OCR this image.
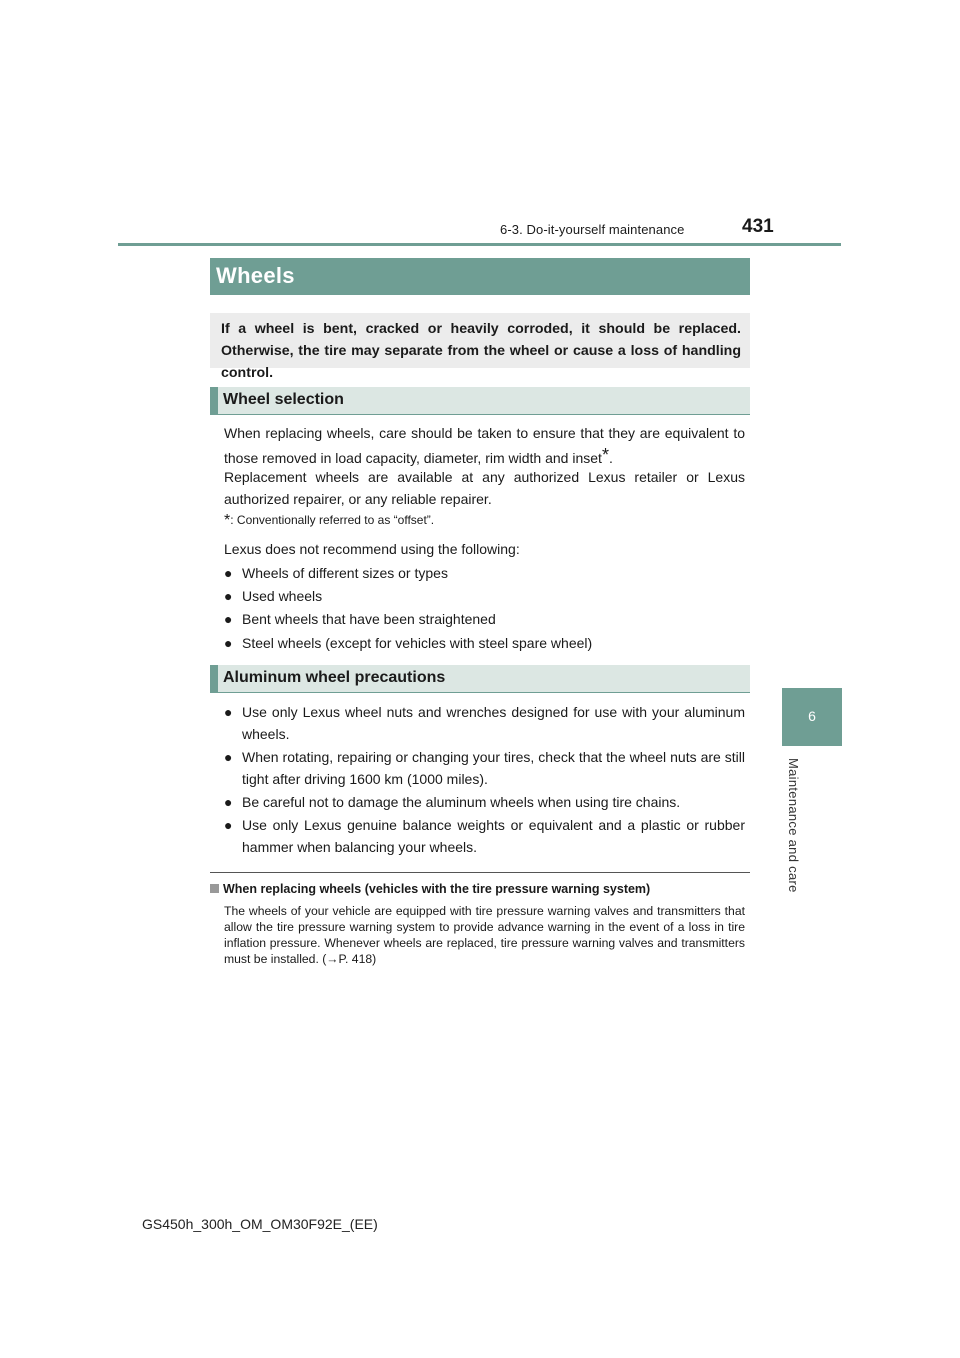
6-3. Do-it-yourself maintenance	431
6
Maintenance and care
Wheels
If a wheel is bent, cracked or heavily corroded, it should be replaced. Otherwise, the tire may separate from the wheel or cause a loss of handling control.
Wheel selection
When replacing wheels, care should be taken to ensure that they are equivalent to those removed in load capacity, diameter, rim width and inset*.
Replacement wheels are available at any authorized Lexus retailer or Lexus authorized repairer, or any reliable repairer.
*: Conventionally referred to as “offset”.
Lexus does not recommend using the following:
● Wheels of different sizes or types
● Used wheels
● Bent wheels that have been straightened
● Steel wheels (except for vehicles with steel spare wheel)
Aluminum wheel precautions
● Use only Lexus wheel nuts and wrenches designed for use with your aluminum wheels.
● When rotating, repairing or changing your tires, check that the wheel nuts are still tight after driving 1600 km (1000 miles).
● Be careful not to damage the aluminum wheels when using tire chains.
● Use only Lexus genuine balance weights or equivalent and a plastic or rubber hammer when balancing your wheels.
When replacing wheels (vehicles with the tire pressure warning system)
The wheels of your vehicle are equipped with tire pressure warning valves and transmitters that allow the tire pressure warning system to provide advance warning in the event of a loss in tire inflation pressure. Whenever wheels are replaced, tire pressure warning valves and transmitters must be installed. (→P. 418)
GS450h_300h_OM_OM30F92E_(EE)
